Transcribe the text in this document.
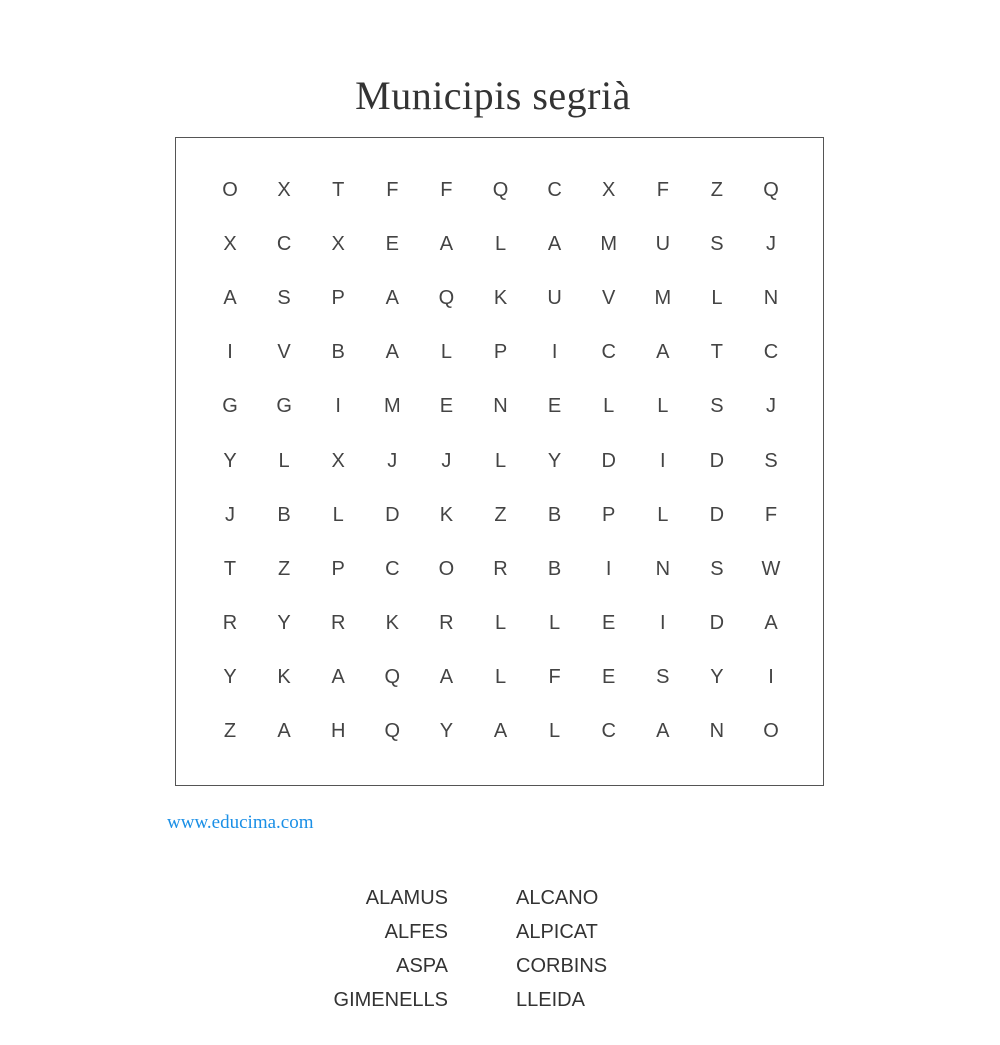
Municipis segrià
O	X	T	F	F	Q	C	X	F	Z	Q
X	C	X	E	A	L	A	M	U	S	J
A	S	P	A	Q	K	U	V	M	L	N
I	V	B	A	L	P	I	C	A	T	C
G	G	I	M	E	N	E	L	L	S	J
Y	L	X	J	J	L	Y	D	I	D	S
J	B	L	D	K	Z	B	P	L	D	F
T	Z	P	C	O	R	B	I	N	S	W
R	Y	R	K	R	L	L	E	I	D	A
Y	K	A	Q	A	L	F	E	S	Y	I
Z	A	H	Q	Y	A	L	C	A	N	O
www.educima.com
ALAMUS
ALFES
ASPA
GIMENELLS
ALCANO
ALPICAT
CORBINS
LLEIDA
